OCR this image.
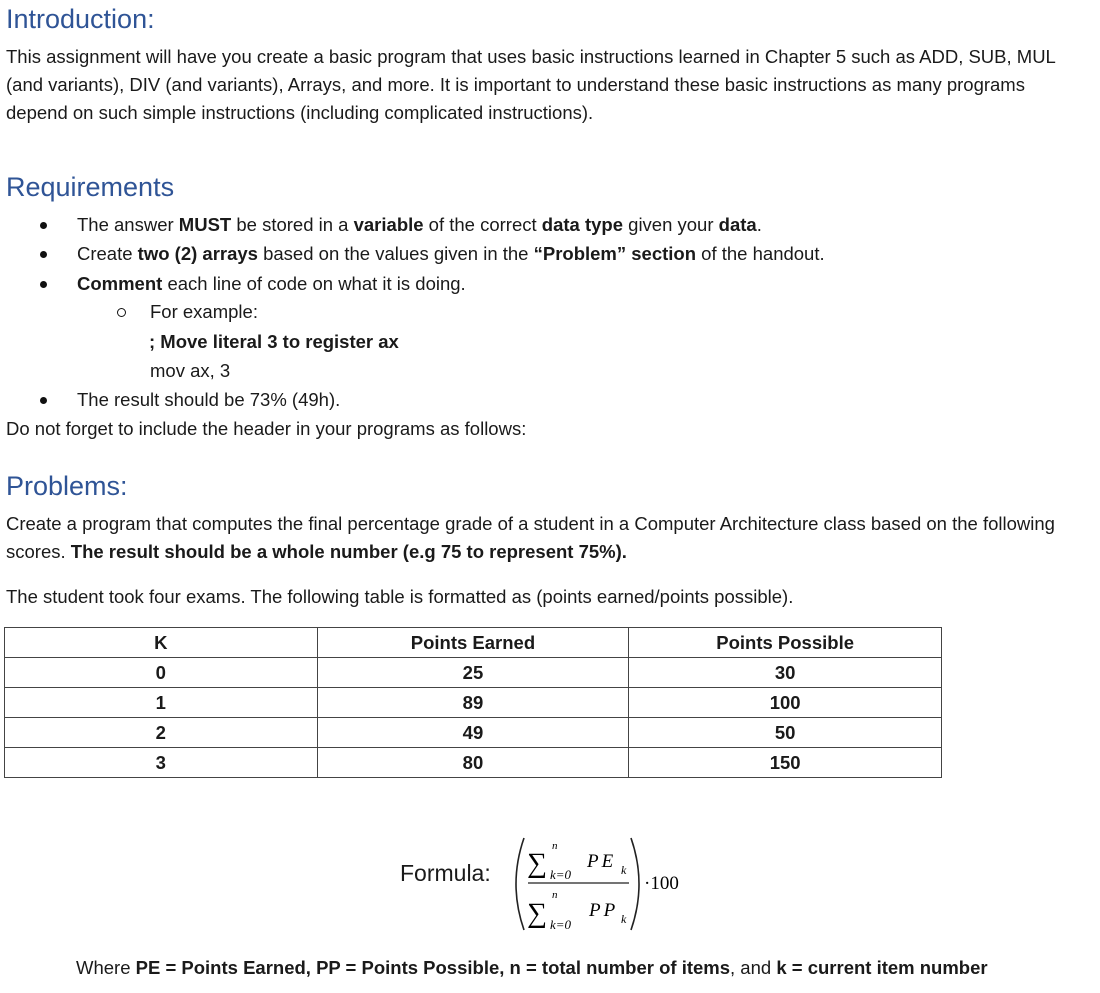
Introduction:

This assignment will have you create a basic program that uses basic instructions learned in Chapter 5 such as ADD, SUB, MUL (and variants), DIV (and variants), Arrays, and more. It is important to understand these basic instructions as many programs depend on such simple instructions (including complicated instructions).

Requirements
The answer MUST be stored in a variable of the correct data type given your data.
Create two (2) arrays based on the values given in the “Problem” section of the handout.
Comment each line of code on what it is doing.
For example:
; Move literal 3 to register ax
mov ax, 3
The result should be 73% (49h).

Do not forget to include the header in your programs as follows:

Problems:

Create a program that computes the final percentage grade of a student in a Computer Architecture class based on the following scores. The result should be a whole number (e.g 75 to represent 75%).

The student took four exams. The following table is formatted as (points earned/points possible).

K	Points Earned	Points Possible
0	25	30
1	89	100
2	49	50
3	80	150
Formula: ∑
n
k=0
PE k
∑
n
k=0
PP k
·100
Where PE = Points Earned, PP = Points Possible, n = total number of items, and k = current item number
